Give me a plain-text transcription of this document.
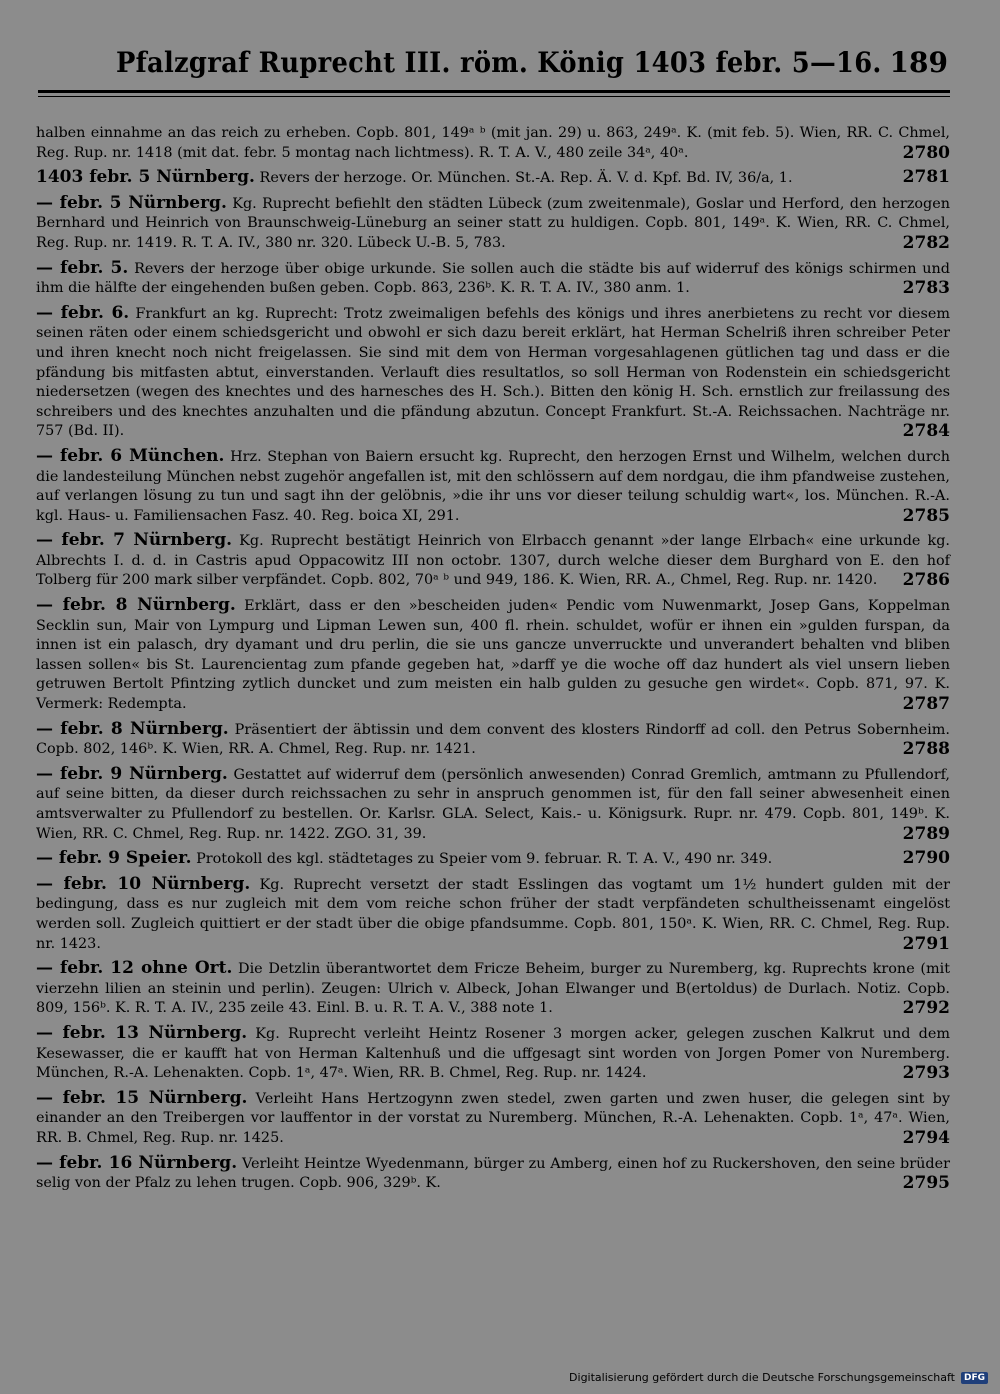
Pfalzgraf Ruprecht III. röm. König 1403 febr. 5—16. 189
halben einnahme an das reich zu erheben. Copb. 801, 149ᵃ ᵇ (mit jan. 29) u. 863, 249ᵃ. K. (mit feb. 5). Wien, RR. C. Chmel, Reg. Rup. nr. 1418 (mit dat. febr. 5 montag nach lichtmess). R. T. A. V., 480 zeile 34ᵃ, 40ᵃ.	2780
1403 febr. 5 Nürnberg. Revers der herzoge. Or. München. St.-A. Rep. Ä. V. d. Kpf. Bd. IV, 36/a, 1.	2781
— febr. 5 Nürnberg. Kg. Ruprecht befiehlt den städten Lübeck (zum zweitenmale), Goslar und Herford, den herzogen Bernhard und Heinrich von Braunschweig-Lüneburg an seiner statt zu huldigen. Copb. 801, 149ᵃ. K. Wien, RR. C. Chmel, Reg. Rup. nr. 1419. R. T. A. IV., 380 nr. 320. Lübeck U.-B. 5, 783.	2782
— febr. 5. Revers der herzoge über obige urkunde. Sie sollen auch die städte bis auf widerruf des königs schirmen und ihm die hälfte der eingehenden bußen geben. Copb. 863, 236ᵇ. K. R. T. A. IV., 380 anm. 1.	2783
— febr. 6. Frankfurt an kg. Ruprecht: Trotz zweimaligen befehls des königs und ihres anerbietens zu recht vor diesem seinen räten oder einem schiedsgericht und obwohl er sich dazu bereit erklärt, hat Herman Schelriß ihren schreiber Peter und ihren knecht noch nicht freigelassen. Sie sind mit dem von Herman vorgesahlagenen gütlichen tag und dass er die pfändung bis mitfasten abtut, einverstanden. Verlauft dies resultatlos, so soll Herman von Rodenstein ein schiedsgericht niedersetzen (wegen des knechtes und des harnesches des H. Sch.). Bitten den könig H. Sch. ernstlich zur freilassung des schreibers und des knechtes anzuhalten und die pfändung abzutun. Concept Frankfurt. St.-A. Reichssachen. Nachträge nr. 757 (Bd. II).	2784
— febr. 6 München. Hrz. Stephan von Baiern ersucht kg. Ruprecht, den herzogen Ernst und Wilhelm, welchen durch die landesteilung München nebst zugehör angefallen ist, mit den schlössern auf dem nordgau, die ihm pfandweise zustehen, auf verlangen lösung zu tun und sagt ihn der gelöbnis, »die ihr uns vor dieser teilung schuldig wart«, los. München. R.-A. kgl. Haus- u. Familiensachen Fasz. 40. Reg. boica XI, 291.	2785
— febr. 7 Nürnberg. Kg. Ruprecht bestätigt Heinrich von Elrbacch genannt »der lange Elrbach« eine urkunde kg. Albrechts I. d. d. in Castris apud Oppacowitz III non octobr. 1307, durch welche dieser dem Burghard von E. den hof Tolberg für 200 mark silber verpfändet. Copb. 802, 70ᵃ ᵇ und 949, 186. K. Wien, RR. A., Chmel, Reg. Rup. nr. 1420. 2786
— febr. 8 Nürnberg. Erklärt, dass er den »bescheiden juden« Pendic vom Nuwenmarkt, Josep Gans, Koppelman Secklin sun, Mair von Lympurg und Lipman Lewen sun, 400 fl. rhein. schuldet, wofür er ihnen ein »gulden furspan, da innen ist ein palasch, dry dyamant und dru perlin, die sie uns gancze unverruckte und unverandert behalten vnd bliben lassen sollen« bis St. Laurencientag zum pfande gegeben hat, »darff ye die woche off daz hundert als viel unsern lieben getruwen Bertolt Pfintzing zytlich duncket und zum meisten ein halb gulden zu gesuche gen wirdet«. Copb. 871, 97. K. Vermerk: Redempta.	2787
— febr. 8 Nürnberg. Präsentiert der äbtissin und dem convent des klosters Rindorff ad coll. den Petrus Sobernheim. Copb. 802, 146ᵇ. K. Wien, RR. A. Chmel, Reg. Rup. nr. 1421.	2788
— febr. 9 Nürnberg. Gestattet auf widerruf dem (persönlich anwesenden) Conrad Gremlich, amtmann zu Pfullendorf, auf seine bitten, da dieser durch reichssachen zu sehr in anspruch genommen ist, für den fall seiner abwesenheit einen amtsverwalter zu Pfullendorf zu bestellen. Or. Karlsr. GLA. Select, Kais.- u. Königsurk. Rupr. nr. 479. Copb. 801, 149ᵇ. K. Wien, RR. C. Chmel, Reg. Rup. nr. 1422. ZGO. 31, 39.	2789
— febr. 9 Speier. Protokoll des kgl. städtetages zu Speier vom 9. februar. R. T. A. V., 490 nr. 349.	2790
— febr. 10 Nürnberg. Kg. Ruprecht versetzt der stadt Esslingen das vogtamt um 1½ hundert gulden mit der bedingung, dass es nur zugleich mit dem vom reiche schon früher der stadt verpfändeten schultheissenamt eingelöst werden soll. Zugleich quittiert er der stadt über die obige pfandsumme. Copb. 801, 150ᵃ. K. Wien, RR. C. Chmel, Reg. Rup. nr. 1423.	2791
— febr. 12 ohne Ort. Die Detzlin überantwortet dem Fricze Beheim, burger zu Nuremberg, kg. Ruprechts krone (mit vierzehn lilien an steinin und perlin). Zeugen: Ulrich v. Albeck, Johan Elwanger und B(ertoldus) de Durlach. Notiz. Copb. 809, 156ᵇ. K. R. T. A. IV., 235 zeile 43. Einl. B. u. R. T. A. V., 388 note 1.	2792
— febr. 13 Nürnberg. Kg. Ruprecht verleiht Heintz Rosener 3 morgen acker, gelegen zuschen Kalkrut und dem Kesewasser, die er kaufft hat von Herman Kaltenhuß und die uffgesagt sint worden von Jorgen Pomer von Nuremberg. München, R.-A. Lehenakten. Copb. 1ᵃ, 47ᵃ. Wien, RR. B. Chmel, Reg. Rup. nr. 1424.	2793
— febr. 15 Nürnberg. Verleiht Hans Hertzogynn zwen stedel, zwen garten und zwen huser, die gelegen sint by einander an den Treibergen vor lauffentor in der vorstat zu Nuremberg. München, R.-A. Lehenakten. Copb. 1ᵃ, 47ᵃ. Wien, RR. B. Chmel, Reg. Rup. nr. 1425.	2794
— febr. 16 Nürnberg. Verleiht Heintze Wyedenmann, bürger zu Amberg, einen hof zu Ruckershoven, den seine brüder selig von der Pfalz zu lehen trugen. Copb. 906, 329ᵇ. K.	2795
Digitalisierung gefördert durch die Deutsche Forschungsgemeinschaft	DFG
